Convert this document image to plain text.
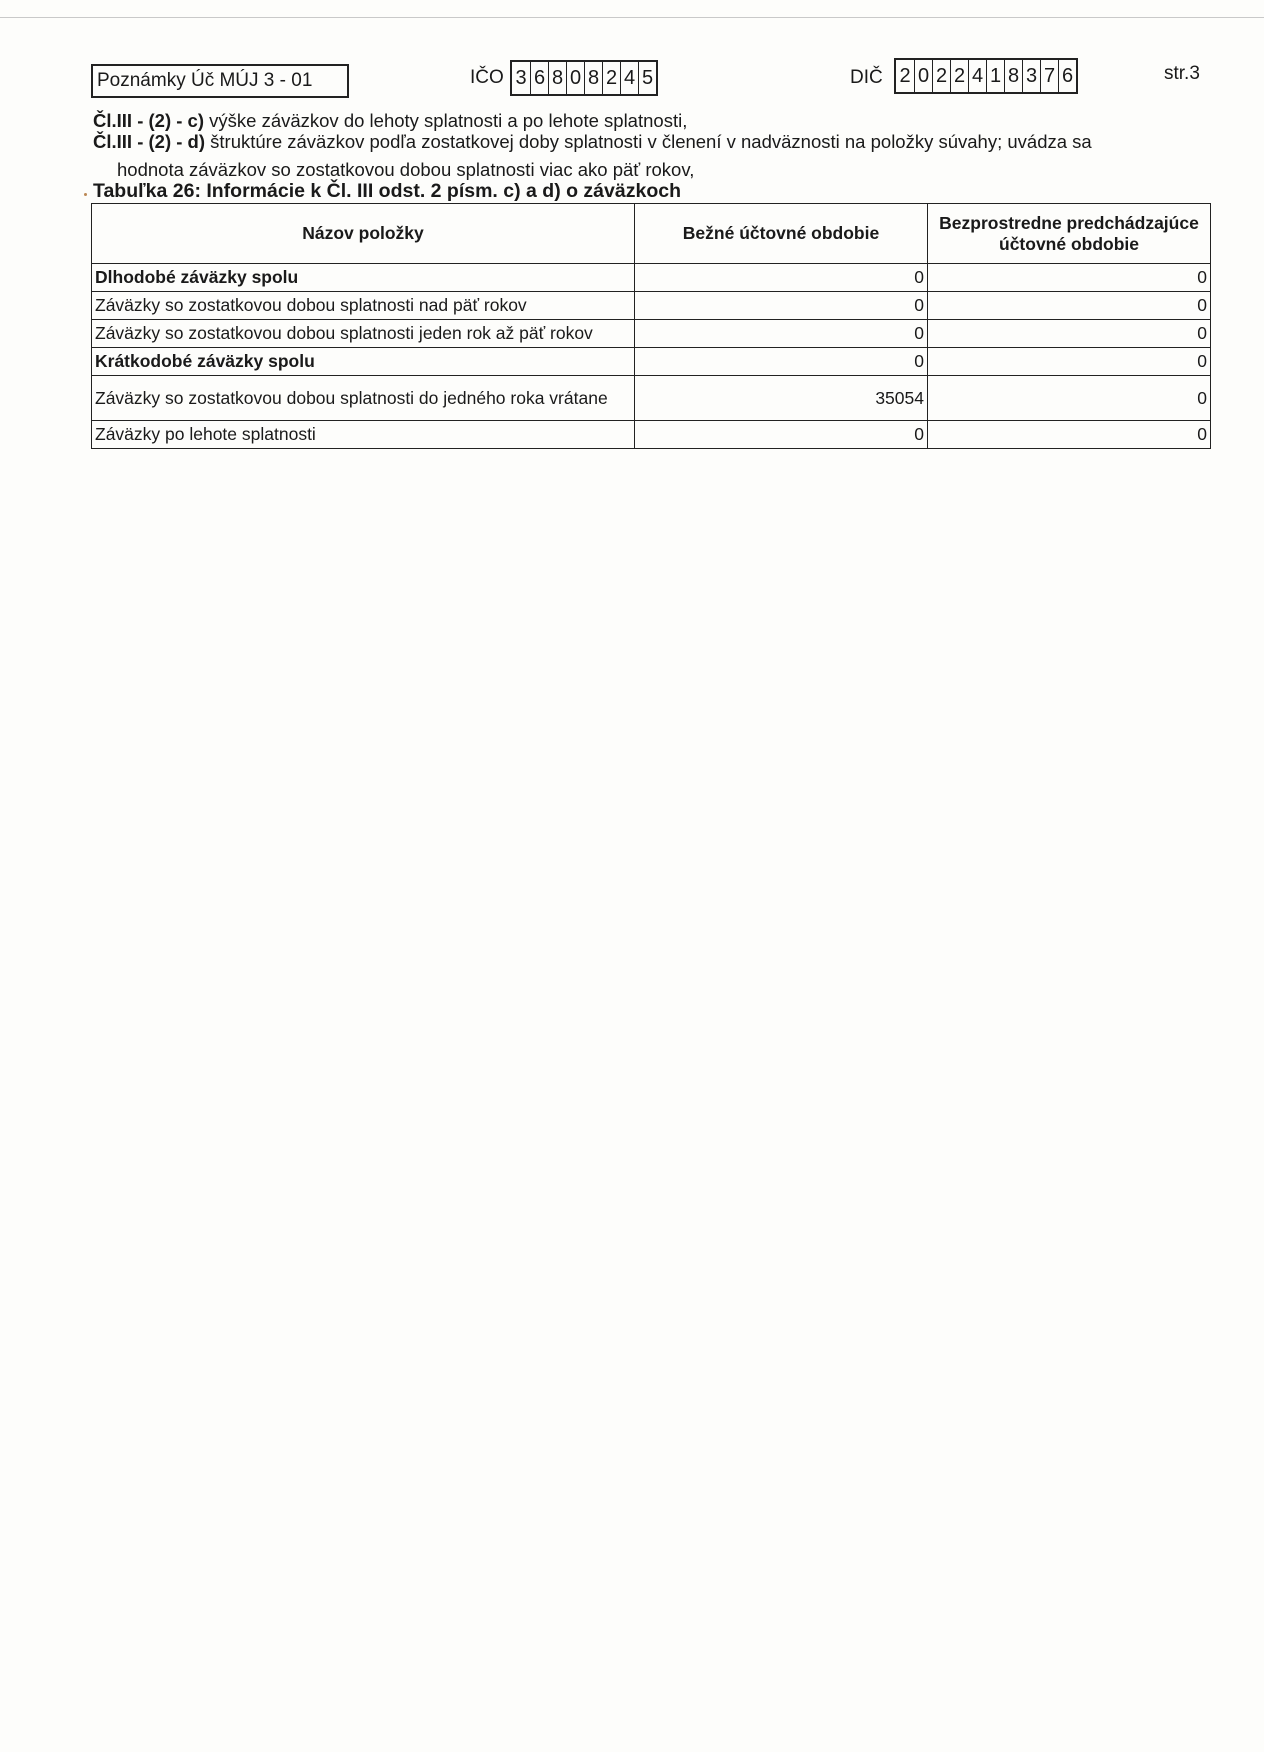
Poznámky Úč MÚJ 3 - 01	IČO 3 6 8 0 8 2 4 5	DIČ 2 0 2 2 4 1 8 3 7 6	str.3
Čl.III - (2) - c) výške záväzkov do lehoty splatnosti a po lehote splatnosti,
Čl.III - (2) - d) štruktúre záväzkov podľa zostatkovej doby splatnosti v členení v nadväznosti na položky súvahy; uvádza sa
hodnota záväzkov so zostatkovou dobou splatnosti viac ako päť rokov,
Tabuľka 26: Informácie k Čl. III odst. 2 písm. c) a d) o záväzkoch
Názov položky	Bežné účtovné obdobie	Bezprostredne predchádzajúce účtovné obdobie
Dlhodobé záväzky spolu	0	0
Záväzky so zostatkovou dobou splatnosti nad päť rokov	0	0
Záväzky so zostatkovou dobou splatnosti jeden rok až päť rokov	0	0
Krátkodobé záväzky spolu	0	0
Záväzky so zostatkovou dobou splatnosti do jedného roka vrátane	35054	0
Záväzky po lehote splatnosti	0	0
